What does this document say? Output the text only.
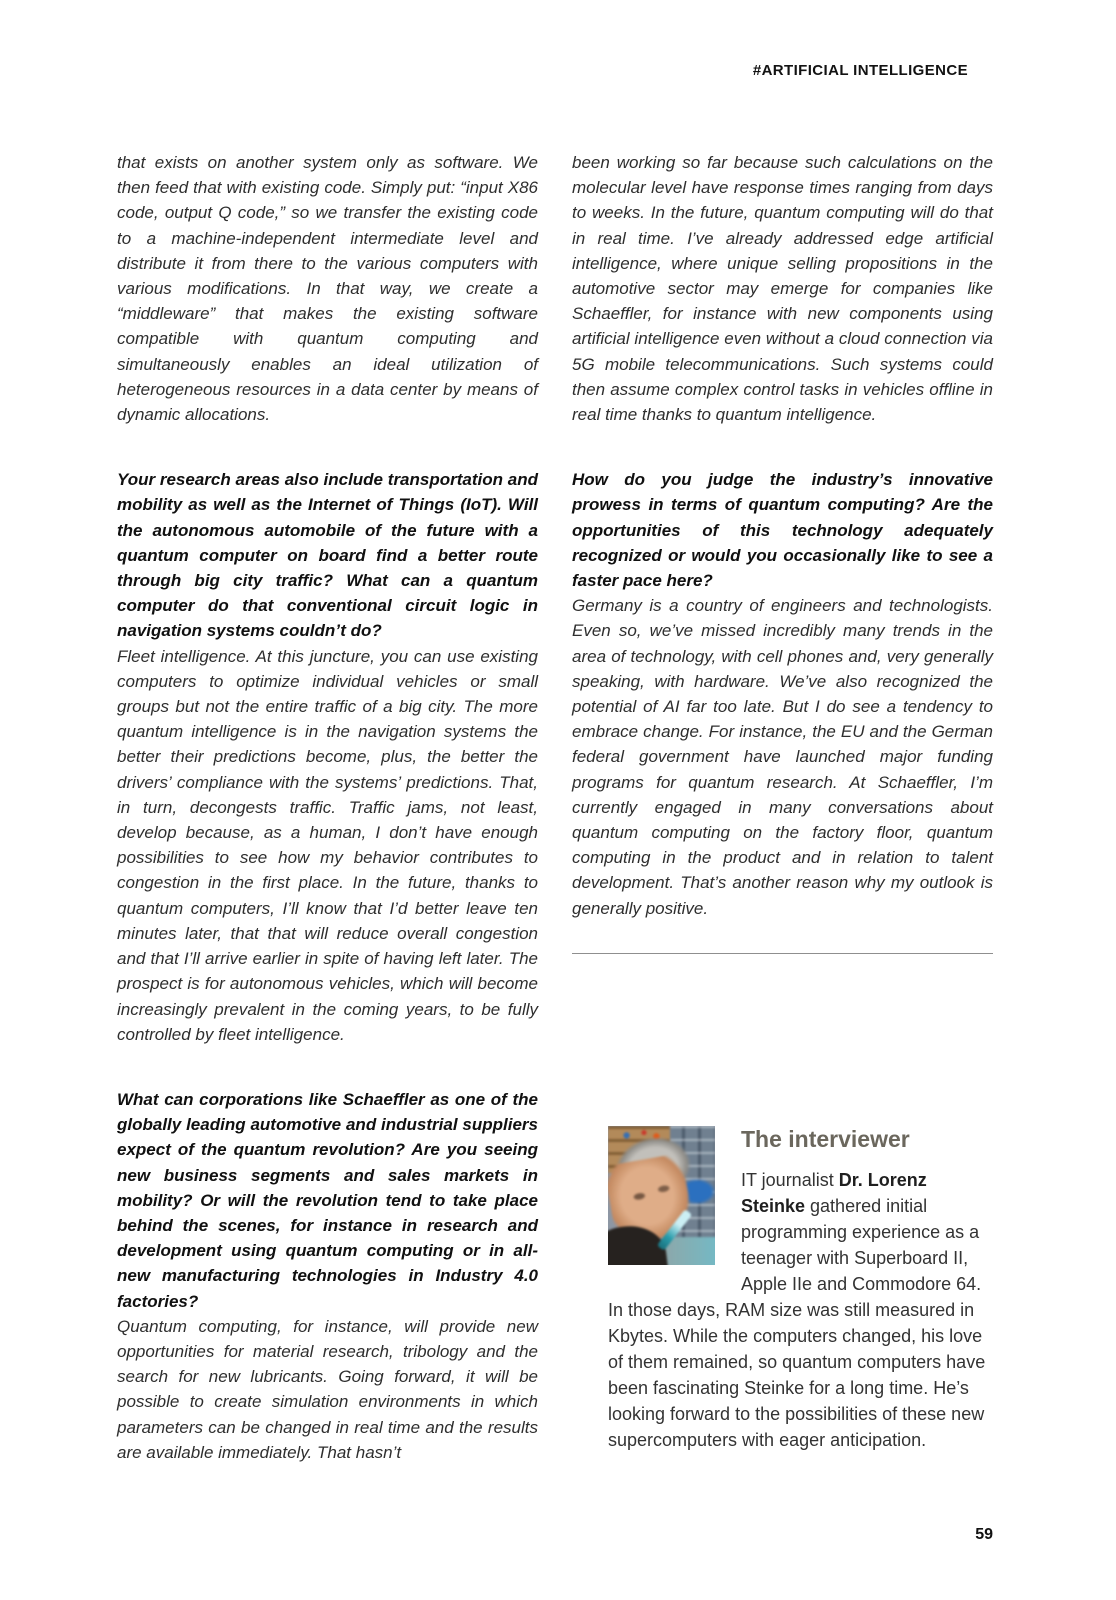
#ARTIFICIAL INTELLIGENCE

that exists on another system only as software. We then feed that with existing code. Simply put: “input X86 code, output Q code,” so we transfer the existing code to a machine-independent intermediate level and distribute it from there to the various computers with various modifications. In that way, we create a “middleware” that makes the existing software compatible with quantum computing and simultaneously enables an ideal utilization of heterogeneous resources in a data center by means of dynamic allocations.

Your research areas also include transportation and mobility as well as the Internet of Things (IoT). Will the autonomous automobile of the future with a quantum computer on board find a better route through big city traffic? What can a quantum computer do that conventional circuit logic in navigation systems couldn’t do?

Fleet intelligence. At this juncture, you can use existing computers to optimize individual vehicles or small groups but not the entire traffic of a big city. The more quantum intelligence is in the navigation systems the better their predictions become, plus, the better the drivers’ compliance with the systems’ predictions. That, in turn, decongests traffic. Traffic jams, not least, develop because, as a human, I don’t have enough possibilities to see how my behavior contributes to congestion in the first place. In the future, thanks to quantum computers, I’ll know that I’d better leave ten minutes later, that that will reduce overall congestion and that I’ll arrive earlier in spite of having left later. The prospect is for autonomous vehicles, which will become increasingly prevalent in the coming years, to be fully controlled by fleet intelligence.

What can corporations like Schaeffler as one of the globally leading automotive and industrial suppliers expect of the quantum revolution? Are you seeing new business segments and sales markets in mobility? Or will the revolution tend to take place behind the scenes, for instance in research and development using quantum computing or in all-new manufacturing technologies in Industry 4.0 factories?

Quantum computing, for instance, will provide new opportunities for material research, tribology and the search for new lubricants. Going forward, it will be possible to create simulation environments in which parameters can be changed in real time and the results are available immediately. That hasn’t

been working so far because such calculations on the molecular level have response times ranging from days to weeks. In the future, quantum computing will do that in real time. I’ve already addressed edge artificial intelligence, where unique selling propositions in the automotive sector may emerge for companies like Schaeffler, for instance with new components using artificial intelligence even without a cloud connection via 5G mobile telecommunications. Such systems could then assume complex control tasks in vehicles offline in real time thanks to quantum intelligence.

How do you judge the industry’s innovative prowess in terms of quantum computing? Are the opportunities of this technology adequately recognized or would you occasionally like to see a faster pace here?

Germany is a country of engineers and technologists. Even so, we’ve missed incredibly many trends in the area of technology, with cell phones and, very generally speaking, with hardware. We’ve also recognized the potential of AI far too late. But I do see a tendency to embrace change. For instance, the EU and the German federal government have launched major funding programs for quantum research. At Schaeffler, I’m currently engaged in many conversations about quantum computing on the factory floor, quantum computing in the product and in relation to talent development. That’s another reason why my outlook is generally positive.

The interviewer

IT journalist Dr. Lorenz Steinke gathered initial programming experience as a teenager with Superboard II, Apple IIe and Commodore 64. In those days, RAM size was still measured in Kbytes. While the computers changed, his love of them remained, so quantum computers have been fascinating Steinke for a long time. He’s looking forward to the possibilities of these new supercomputers with eager anticipation.

59
